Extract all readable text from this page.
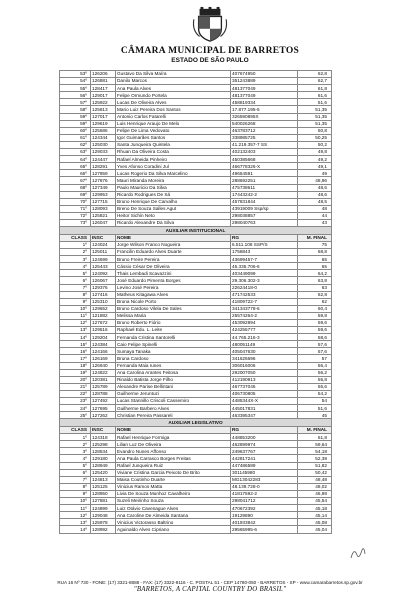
CÂMARA MUNICIPAL DE BARRETOS
ESTADO DE SÃO PAULO
53º	126206	Gustavo Da Silva Maíra	407674950	62,8
54º	126881	Danilo Marcos	351243889	62,7
55º	128417	Ana Paula Alves	481377049	61,8
56º	129017	Felipe Ormundo Portela	481377049	61,6
57º	125922	Lucas De Oliveira Alves	458819334	51,6
58º	125813	Mario Luiz Pereira Dos Santos	17.877.195-5	51,35
59º	127017	Antonio Carlos Fatarelli	326590895X	51,35
59º	129619	Luis Henrique Araujo De Melo	540026268	51,35
60º	125686	Felipe De Lima Vedovato	463783712	50,8
61º	124344	Igor Guimarães Santos	338985725	50,25
62º	125030	Santa Junqueira Quintela	41.219.357-7 SS	50,2
63º	129033	Rhuan Da Oliveira Costa	402132403	49,8
64º	124447	Rafael Almeida Pinheiro	450385668	49,2
65º	128291	Yves Afonso Coradini Jul	466778326-X	49,1
66º	127859	Lucas Rogerio Da Silva Marcelino	49654591	49
67º	127876	Mauri Miranda Moreira	288692251	48,96
68º	127349	Paulo Mauricio Da Silva	475738611	48,6
69º	129953	Ricardo Rodrigues De Sá	17443242-2	48,6
70º	127715	Bruno Henrique De Carvalho	457831844	48,5
71º	128093	Breno De Souza Salles Agut	43919009 Ssp/sp	48
72º	125821	Heitor Sichin Neto	298038857	44
73º	126047	Ricardo Alexandre Da Silva	298040763	43
AUXILIAR INSTITUCIONAL				
CLASS	INSC	NOME	RG	M. FINAL
1º	124024	Jorge Wilson Franco Nogueira	6.511.108 SSP/S	75
2º	125011	Francilin Eduardo Alves Duarte	1758843	68,8
3º	124699	Bruno Freire Pereira	43699457-7	65
4º	125443	Cássio César De Oliveira	46.335.706-6	65
5º	124092	Thais Lembadi Scavazzini	403449099	64,2
6º	126067	José Eduardo Pimenta Borges	29.306.302-3	63,8
7º	129376	Levino José Pereira	22624418-0	63
8º	127416	Matheus Kitagawa Alves	471742533	62,8
9º	125310	Bruna Nicole Porto	41809722-7	62
10º	129652	Bruno Cardoso Vilela De Sales	341343778-6	60,4
11º	121882	Melissa Maria	25574264-2	59,8
12º	127672	Bruno Roberto Fiório	453092894	59,6
13º	129516	Raphael Edu. L. Leite	424255777	59,6
14º	129204	Fernanda Cristina Santorelli	44.765.216-3	58,6
15º	124384	Caio Felipe Spinelli	480051149	57,6
16º	124166	Sumaya Tanaka	405047630	57,6
17º	126169	Bruna Cardoso	341625696	57
18º	126940	Fernanda Maia Iunes	306016006	56,4
19º	124822	Ana Carolina Arantes Feitosa	292007050	56,2
20º	120381	Rinaldo Batista Jorge Filho	412190813	55,8
21º	125789	Alexandre Parise Bellintani	467737046	55,6
22º	128788	Guilherme Jeruntuzi	406730805	54,2
23º	127492	Lucas Stannillo Criscoli Cassemiro	4485344X-X	54
24º	127695	Guilherme Barbero Alves	445017831	51,6
25º	127262	Christian Pereira Passareli	463395347	45
AUXILIAR LEGISLATIVO				
CLASS	INSC	NOME	RG	M. FINAL
1º	124318	Rafael Henrique Formiga	448853200	61,8
2º	125298	Lilian Luz De Oliveira	462899974	59,64
3º	128534	Evandro Nunes Affonso	249637767	54,18
4º	129180	Ana Paula Carrasco Borges Freitas	442817241	52,38
5º	128949	Rafael Junqueira Ruiz	447486589	51,82
6º	125420	Viviane Cristina Garcia Peixoto De Brito	301145980	50,42
7º	124813	Maisa Coutinho Duarte	MG13042283	48,48
8º	125125	Vinicius Ramos Matta	48.139.728-0	48,02
9º	128950	Livia De Souza Munhoz Cavalheiro	41817592-2	46,98
10º	127881	Suzeli Meirinho Souza	298041712	45,54
11º	124899	Luiz Otávio Cavenague Alves	470672392	45,18
12º	129048	Ana Caroline De Almeida Santana	19129890	45,14
13º	125978	Vinicius Victorasso Baltrino	401933842	45,08
14º	128992	Aguinaldo Alves Cipriano	29565995-6	45,04
RUA 16 Nº 730 - FONE: (17) 3321-8888 - FAX: (17) 3322-9116 - C. POSTAL 51 - CEP 14780-050 - BARRETOS - SP - www.camarabarretos.sp.gov.br
"BARRETOS, A CAPITAL COUNTRY DO BRASIL"
